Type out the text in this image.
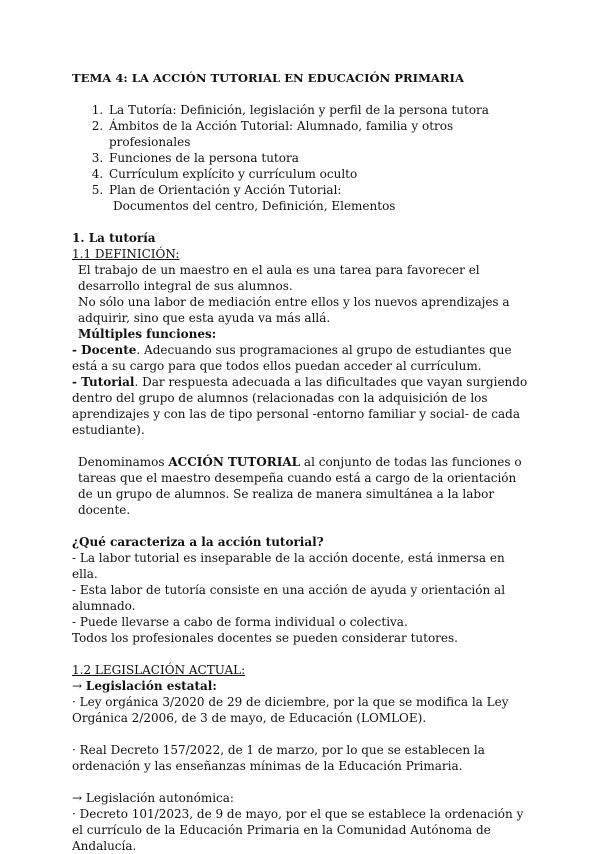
TEMA 4: LA ACCIÓN TUTORIAL EN EDUCACIÓN PRIMARIA

1. La Tutoría: Definición, legislación y perfil de la persona tutora
2. Ámbitos de la Acción Tutorial: Alumnado, familia y otros profesionales
3. Funciones de la persona tutora
4. Currículum explícito y currículum oculto
5. Plan de Orientación y Acción Tutorial:

Documentos del centro, Definición, Elementos

1. La tutoría

1.1 DEFINICIÓN:

El trabajo de un maestro en el aula es una tarea para favorecer el desarrollo integral de sus alumnos.

No sólo una labor de mediación entre ellos y los nuevos aprendizajes a adquirir, sino que esta ayuda va más allá.

Múltiples funciones:

- Docente. Adecuando sus programaciones al grupo de estudiantes que está a su cargo para que todos ellos puedan acceder al currículum.

- Tutorial. Dar respuesta adecuada a las dificultades que vayan surgiendo dentro del grupo de alumnos (relacionadas con la adquisición de los aprendizajes y con las de tipo personal -entorno familiar y social- de cada estudiante).

Denominamos ACCIÓN TUTORIAL al conjunto de todas las funciones o tareas que el maestro desempeña cuando está a cargo de la orientación de un grupo de alumnos. Se realiza de manera simultánea a la labor docente.

¿Qué caracteriza a la acción tutorial?

- La labor tutorial es inseparable de la acción docente, está inmersa en ella.

- Esta labor de tutoría consiste en una acción de ayuda y orientación al alumnado.

- Puede llevarse a cabo de forma individual o colectiva.

Todos los profesionales docentes se pueden considerar tutores.

1.2 LEGISLACIÓN ACTUAL:

→ Legislación estatal:

· Ley orgánica 3/2020 de 29 de diciembre, por la que se modifica la Ley Orgánica 2/2006, de 3 de mayo, de Educación (LOMLOE).

· Real Decreto 157/2022, de 1 de marzo, por lo que se establecen la ordenación y las enseñanzas mínimas de la Educación Primaria.

→ Legislación autonómica:

· Decreto 101/2023, de 9 de mayo, por el que se establece la ordenación y el currículo de la Educación Primaria en la Comunidad Autónoma de Andalucía.
